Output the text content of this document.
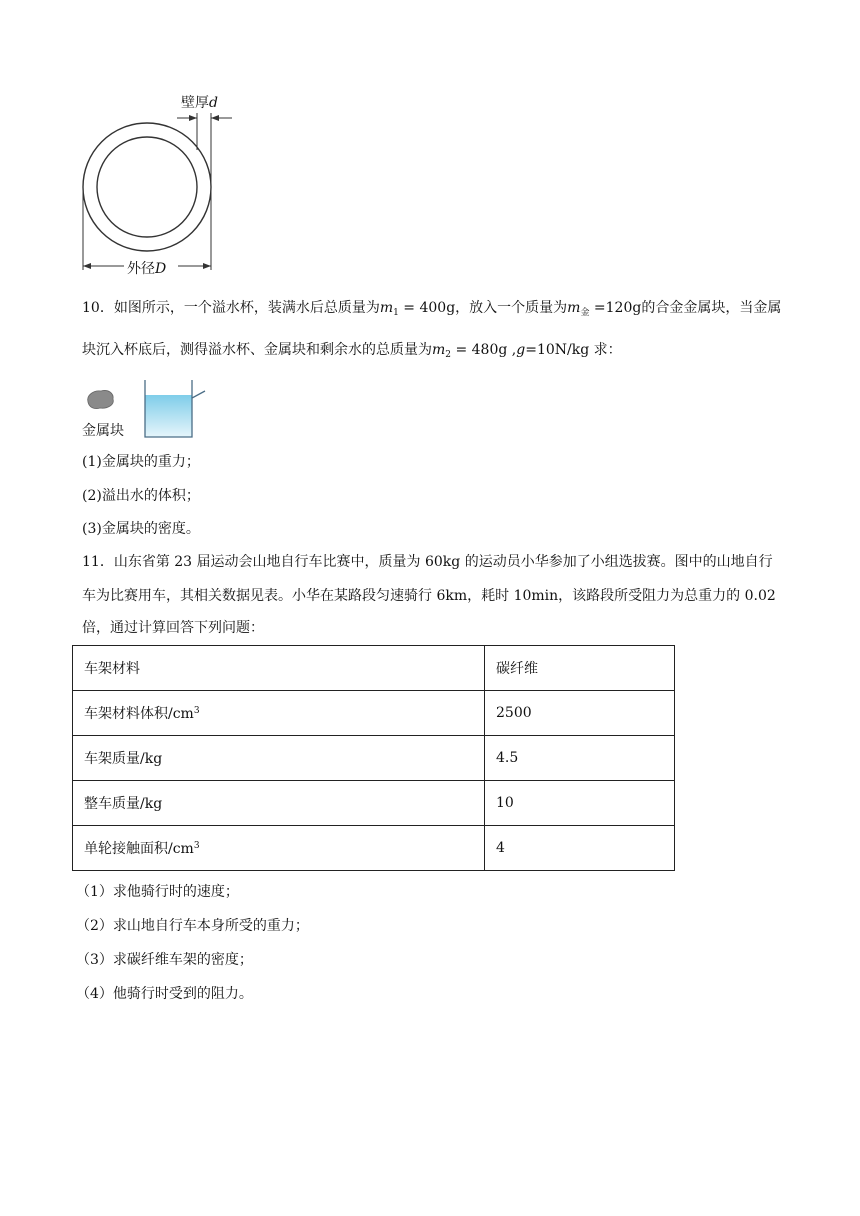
壁厚d
外径D
10．如图所示，一个溢水杯，装满水后总质量为$m_1 = 400g$，放入一个质量为$m_金 =120g$的合金金属块，当金属
块沉入杯底后，测得溢水杯、金属块和剩余水的总质量为$m_2 = 480g$ ,g=10N/kg 求：
金属块
(1)金属块的重力；
(2)溢出水的体积；
(3)金属块的密度。
11．山东省第 23 届运动会山地自行车比赛中，质量为 60kg 的运动员小华参加了小组选拔赛。图中的山地自行
车为比赛用车，其相关数据见表。小华在某路段匀速骑行 6km，耗时 10min，该路段所受阻力为总重力的 0.02
倍，通过计算回答下列问题：
车架材料	碳纤维
车架材料体积$/cm^3$	2500
车架质量/kg	4.5
整车质量/kg	10
单轮接触面积$/cm^3$	4
（1）求他骑行时的速度；
（2）求山地自行车本身所受的重力；
（3）求碳纤维车架的密度；
（4）他骑行时受到的阻力。
